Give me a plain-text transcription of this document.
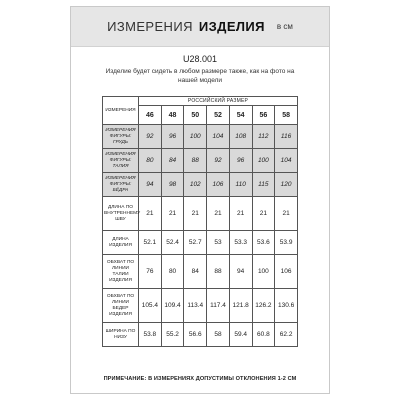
ИЗМЕРЕНИЯ ИЗДЕЛИЯ в см
U28.001
Изделие будет сидеть в любом размере также, как на фото на нашей модели
ИЗМЕРЕНИЯ	РОССИЙСКИЙ РАЗМЕР						
	46	48	50	52	54	56	58
ИЗМЕРЕНИЯ ФИГУРЫ: ГРУДЬ	92	96	100	104	108	112	116
ИЗМЕРЕНИЯ ФИГУРЫ: ТАЛИЯ	80	84	88	92	96	100	104
ИЗМЕРЕНИЯ ФИГУРЫ: БЁДРА	94	98	102	106	110	115	120
ДЛИНА ПО ВНУТРЕННЕМУ ШВУ	21	21	21	21	21	21	21
ДЛИНА ИЗДЕЛИЯ	52.1	52.4	52.7	53	53.3	53.6	53.9
ОБХВАТ ПО ЛИНИИ ТАЛИИ ИЗДЕЛИЯ	76	80	84	88	94	100	106
ОБХВАТ ПО ЛИНИИ БЕДЕР ИЗДЕЛИЯ	105.4	109.4	113.4	117.4	121.8	126.2	130.6
ШИРИНА ПО НИЗУ	53.8	55.2	56.6	58	59.4	60.8	62.2
ПРИМЕЧАНИЕ: В ИЗМЕРЕНИЯХ ДОПУСТИМЫ ОТКЛОНЕНИЯ 1-2 СМ
